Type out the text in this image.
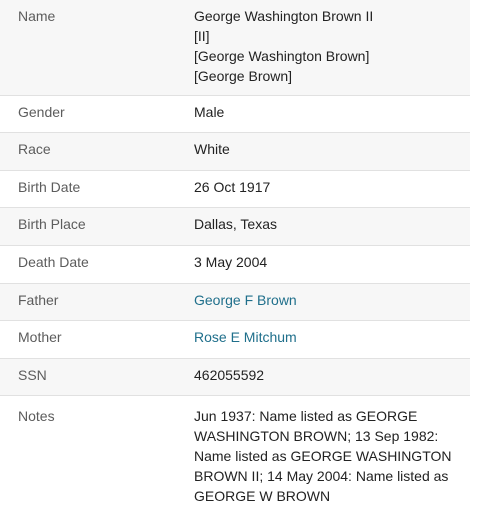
Name	George Washington Brown II
[II]
[George Washington Brown]
[George Brown]
Gender	Male
Race	White
Birth Date	26 Oct 1917
Birth Place	Dallas, Texas
Death Date	3 May 2004
Father	George F Brown
Mother	Rose E Mitchum
SSN	462055592
Notes	Jun 1937: Name listed as GEORGE WASHINGTON BROWN; 13 Sep 1982: Name listed as GEORGE WASHINGTON BROWN II; 14 May 2004: Name listed as GEORGE W BROWN
